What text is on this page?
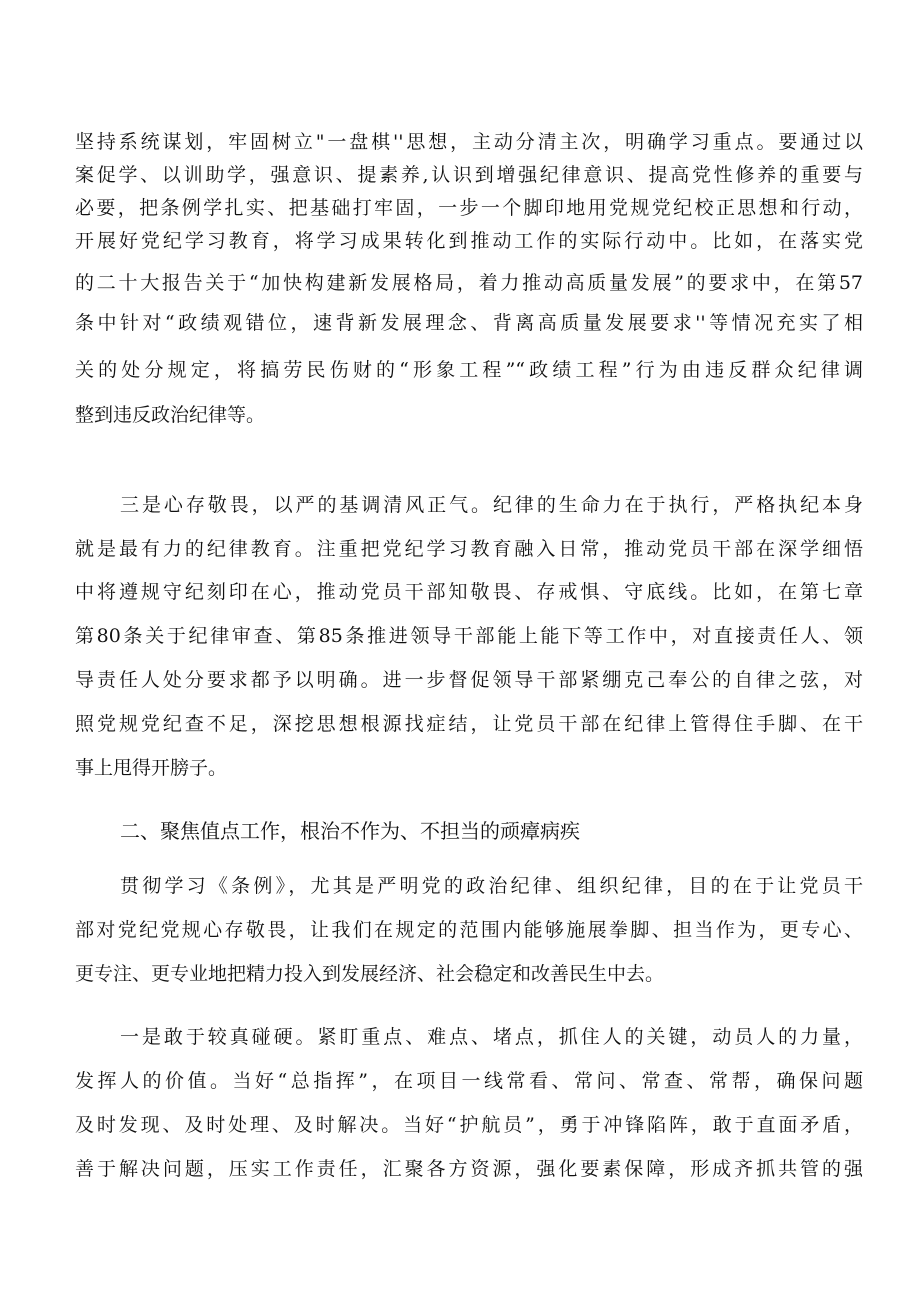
坚持系统谋划，牢固树立"一盘棋''思想，主动分清主次，明确学习重点。要通过以
案促学、以训助学，强意识、提素养,认识到增强纪律意识、提高党性修养的重要与
必要，把条例学扎实、把基础打牢固，一步一个脚印地用党规党纪校正思想和行动，
开展好党纪学习教育，将学习成果转化到推动工作的实际行动中。比如，在落实党
的二十大报告关于“加快构建新发展格局，着力推动高质量发展”的要求中，在第57
条中针对“政绩观错位，速背新发展理念、背离高质量发展要求''等情况充实了相
关的处分规定，将搞劳民伤财的“形象工程”“政绩工程”行为由违反群众纪律调
整到违反政治纪律等。
三是心存敬畏，以严的基调清风正气。纪律的生命力在于执行，严格执纪本身
就是最有力的纪律教育。注重把党纪学习教育融入日常，推动党员干部在深学细悟
中将遵规守纪刻印在心，推动党员干部知敬畏、存戒惧、守底线。比如，在第七章
第80条关于纪律审查、第85条推进领导干部能上能下等工作中，对直接责任人、领
导责任人处分要求都予以明确。进一步督促领导干部紧绷克己奉公的自律之弦，对
照党规党纪查不足，深挖思想根源找症结，让党员干部在纪律上管得住手脚、在干
事上甩得开膀子。
二、聚焦值点工作，根治不作为、不担当的顽瘴病疾
贯彻学习《条例》，尤其是严明党的政治纪律、组织纪律，目的在于让党员干
部对党纪党规心存敬畏，让我们在规定的范围内能够施展拳脚、担当作为，更专心、
更专注、更专业地把精力投入到发展经济、社会稳定和改善民生中去。
一是敢于较真碰硬。紧盯重点、难点、堵点，抓住人的关键，动员人的力量，
发挥人的价值。当好“总指挥”，在项目一线常看、常问、常查、常帮，确保问题
及时发现、及时处理、及时解决。当好“护航员”，勇于冲锋陷阵，敢于直面矛盾，
善于解决问题，压实工作责任，汇聚各方资源，强化要素保障，形成齐抓共管的强
